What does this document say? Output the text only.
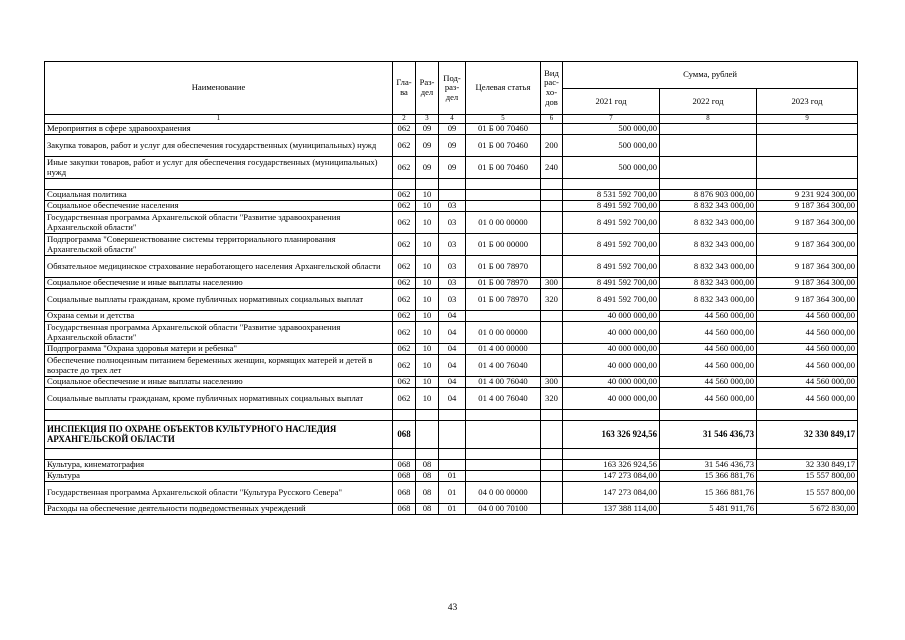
Наименование	Гла-ва	Раз-дел	Под-раз-дел	Целевая статья	Вид рас-хо-дов	Сумма, рублей		
						2021 год	2022 год	2023 год
1	2	3	4	5	6	7	8	9
Мероприятия в сфере здравоохранения	062	09	09	01 Б 00 70460		500 000,00		
Закупка товаров, работ и услуг для обеспечения государственных (муниципальных) нужд	062	09	09	01 Б 00 70460	200	500 000,00		
Иные закупки товаров, работ и услуг для обеспечения государственных (муниципальных) нужд	062	09	09	01 Б 00 70460	240	500 000,00		

Социальная политика	062	10				8 531 592 700,00	8 876 903 000,00	9 231 924 300,00
Социальное обеспечение населения	062	10	03			8 491 592 700,00	8 832 343 000,00	9 187 364 300,00
Государственная программа Архангельской области "Развитие здравоохранения Архангельской области"	062	10	03	01 0 00 00000		8 491 592 700,00	8 832 343 000,00	9 187 364 300,00
Подпрограмма "Совершенствование системы территориального планирования Архангельской области"	062	10	03	01 Б 00 00000		8 491 592 700,00	8 832 343 000,00	9 187 364 300,00
Обязательное медицинское страхование неработающего населения Архангельской области	062	10	03	01 Б 00 78970		8 491 592 700,00	8 832 343 000,00	9 187 364 300,00
Социальное обеспечение и иные выплаты населению	062	10	03	01 Б 00 78970	300	8 491 592 700,00	8 832 343 000,00	9 187 364 300,00
Социальные выплаты гражданам, кроме публичных нормативных социальных выплат	062	10	03	01 Б 00 78970	320	8 491 592 700,00	8 832 343 000,00	9 187 364 300,00
Охрана семьи и детства	062	10	04			40 000 000,00	44 560 000,00	44 560 000,00
Государственная программа Архангельской области "Развитие здравоохранения Архангельской области"	062	10	04	01 0 00 00000		40 000 000,00	44 560 000,00	44 560 000,00
Подпрограмма "Охрана здоровья матери и ребенка"	062	10	04	01 4 00 00000		40 000 000,00	44 560 000,00	44 560 000,00
Обеспечение полноценным питанием беременных женщин, кормящих матерей и детей в возрасте до трех лет	062	10	04	01 4 00 76040		40 000 000,00	44 560 000,00	44 560 000,00
Социальное обеспечение и иные выплаты населению	062	10	04	01 4 00 76040	300	40 000 000,00	44 560 000,00	44 560 000,00
Социальные выплаты гражданам, кроме публичных нормативных социальных выплат	062	10	04	01 4 00 76040	320	40 000 000,00	44 560 000,00	44 560 000,00

ИНСПЕКЦИЯ ПО ОХРАНЕ ОБЪЕКТОВ КУЛЬТУРНОГО НАСЛЕДИЯ АРХАНГЕЛЬСКОЙ ОБЛАСТИ	068					163 326 924,56	31 546 436,73	32 330 849,17

Культура, кинематография	068	08				163 326 924,56	31 546 436,73	32 330 849,17
Культура	068	08	01			147 273 084,00	15 366 881,76	15 557 800,00
Государственная программа Архангельской области "Культура Русского Севера"	068	08	01	04 0 00 00000		147 273 084,00	15 366 881,76	15 557 800,00
Расходы на обеспечение деятельности подведомственных учреждений	068	08	01	04 0 00 70100		137 388 114,00	5 481 911,76	5 672 830,00
43
